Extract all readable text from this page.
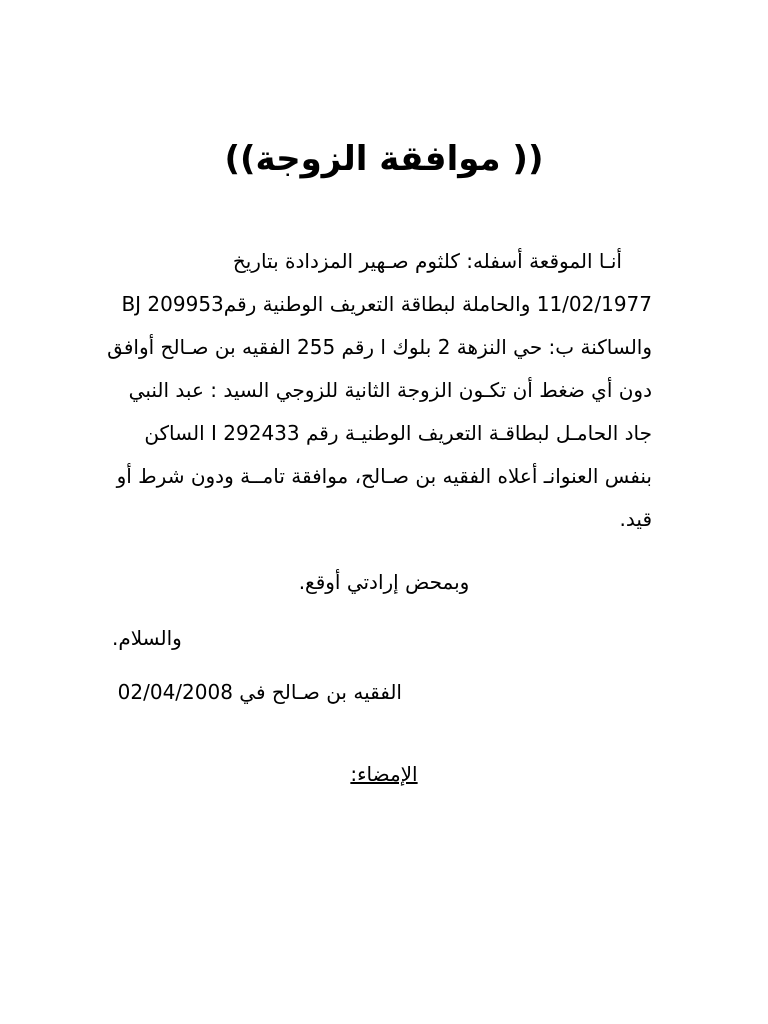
(( موافقة الزوجة))
أنـا الموقعة أسفله: كلثوم صـهير المزدادة بتاريخ
11/02/1977 والحاملة لبطاقة التعريف الوطنية رقمBJ 209953
والساكنة ب: حي النزهة 2 بلوك ا رقم 255 الفقيه بن صـالح أوافق
دون أي ضغط أن تكـون الزوجة الثانية للزوجي السيد : عبد النبي
جاد الحامـل لبطاقـة التعريف الوطنيـة رقم I 292433 الساكن
بنفس العنوانـ أعلاه الفقيه بن صـالح، موافقة تامــة ودون شرط أو
قيد.
وبمحض إرادتي أوقع.
والسلام.
الفقيه بن صـالح في 02/04/2008
الإمضاء:
